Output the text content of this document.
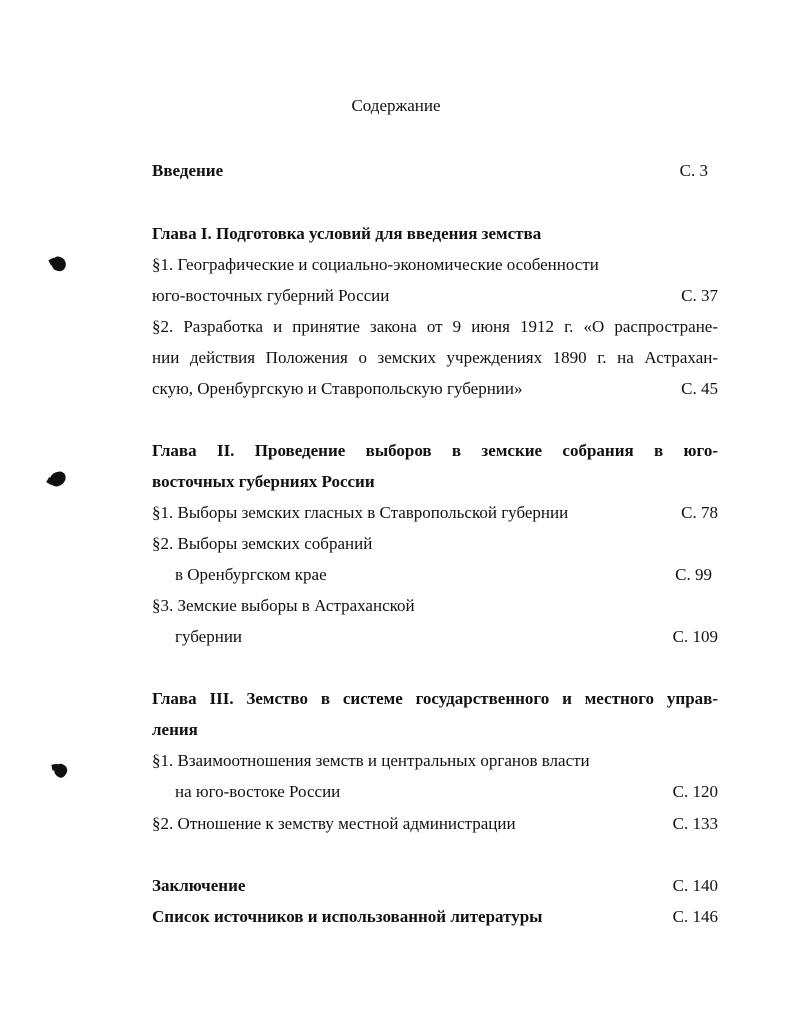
Содержание
Введение	С. 3
Глава I. Подготовка условий для введения земства
§1. Географические и социально-экономические особенности
юго-восточных губерний России	С. 37
§2. Разработка и принятие закона от 9 июня 1912 г. «О распростране-
нии действия Положения о земских учреждениях 1890 г. на Астрахан-
скую, Оренбургскую и Ставропольскую губернии»	С. 45
Глава II. Проведение выборов в земские собрания в юго-
восточных губерниях России
§1. Выборы земских гласных в Ставропольской губернии	С. 78
§2. Выборы земских собраний
в Оренбургском крае	С. 99
§3. Земские выборы в Астраханской
губернии	С. 109
Глава III. Земство в системе государственного и местного управ-
ления
§1. Взаимоотношения земств и центральных органов власти
на юго-востоке России	С. 120
§2. Отношение к земству местной администрации	С. 133
Заключение	С. 140
Список источников и использованной литературы	С. 146
